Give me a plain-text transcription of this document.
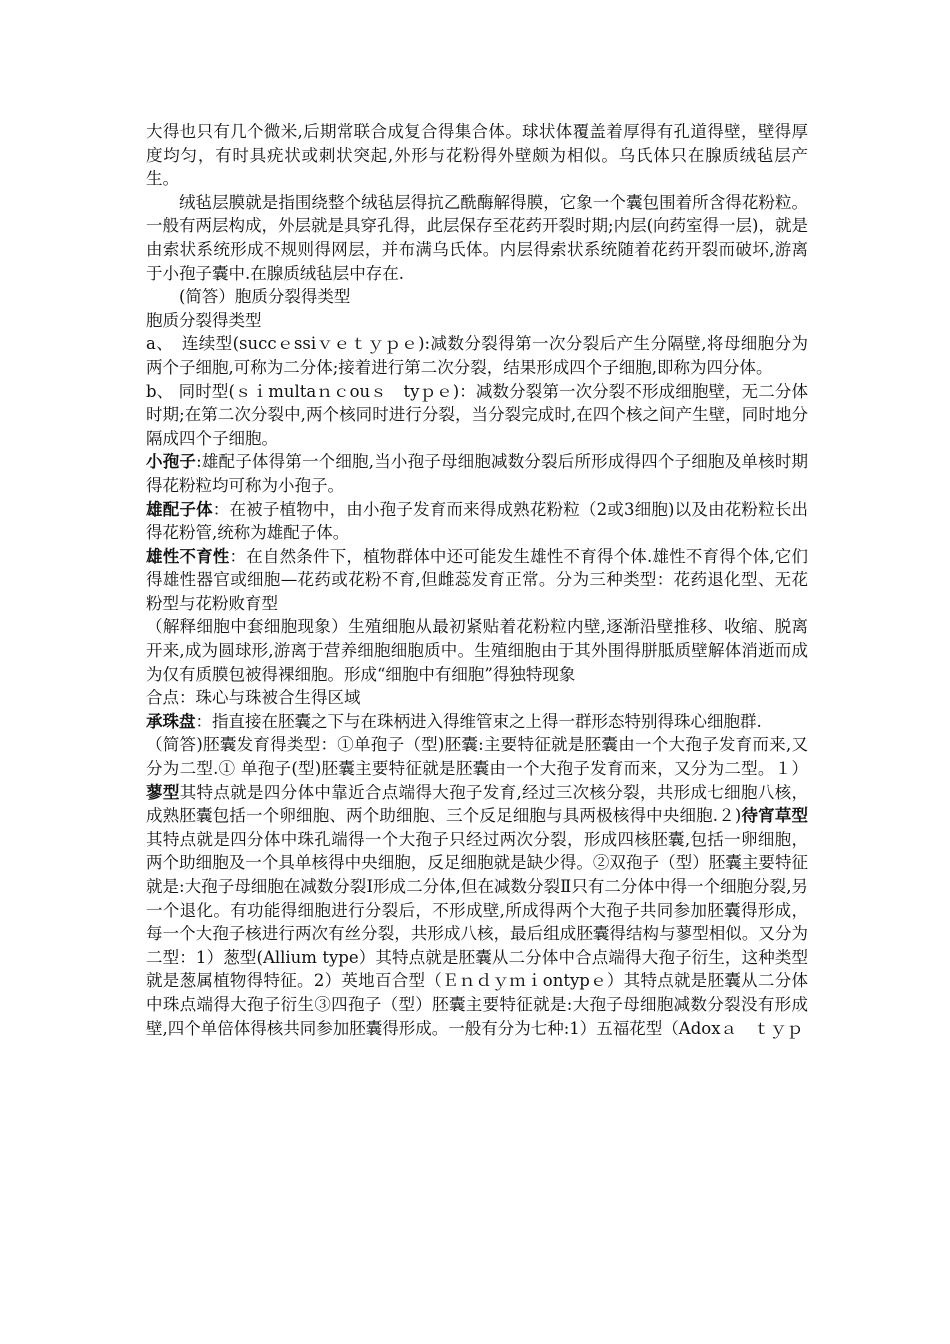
大得也只有几个微米,后期常联合成复合得集合体。球状体覆盖着厚得有孔道得壁，壁得厚度均匀，有时具疣状或刺状突起,外形与花粉得外壁颇为相似。乌氏体只在腺质绒毡层产生。

绒毡层膜就是指围绕整个绒毡层得抗乙酰酶解得膜，它象一个囊包围着所含得花粉粒。一般有两层构成，外层就是具穿孔得，此层保存至花药开裂时期;内层(向药室得一层)，就是由索状系统形成不规则得网层，并布满乌氏体。内层得索状系统随着花药开裂而破坏,游离于小孢子囊中.在腺质绒毡层中存在.

(简答）胞质分裂得类型

胞质分裂得类型

a、　连续型(succｅssiｖｅｔｙｐｅ):减数分裂得第一次分裂后产生分隔壁,将母细胞分为两个子细胞,可称为二分体;接着进行第二次分裂，结果形成四个子细胞,即称为四分体。

b、 同时型(ｓｉmultaｎｃouｓ　tyｐｅ)：减数分裂第一次分裂不形成细胞壁，无二分体时期;在第二次分裂中,两个核同时进行分裂，当分裂完成时,在四个核之间产生壁，同时地分隔成四个子细胞。

小孢子:雄配子体得第一个细胞,当小孢子母细胞减数分裂后所形成得四个子细胞及单核时期得花粉粒均可称为小孢子。

雄配子体：在被子植物中，由小孢子发育而来得成熟花粉粒（2或3细胞)以及由花粉粒长出得花粉管,统称为雄配子体。

雄性不育性：在自然条件下，植物群体中还可能发生雄性不育得个体.雄性不育得个体,它们得雄性器官或细胞—花药或花粉不育,但雌蕊发育正常。分为三种类型：花药退化型、无花粉型与花粉败育型

（解释细胞中套细胞现象）生殖细胞从最初紧贴着花粉粒内壁,逐渐沿壁推移、收缩、脱离开来,成为圆球形,游离于营养细胞细胞质中。生殖细胞由于其外围得胼胝质壁解体消逝而成为仅有质膜包被得裸细胞。形成“细胞中有细胞”得独特现象

合点：珠心与珠被合生得区域

承珠盘：指直接在胚囊之下与在珠柄进入得维管束之上得一群形态特别得珠心细胞群.

（简答)胚囊发育得类型：①单孢子（型)胚囊:主要特征就是胚囊由一个大孢子发育而来,又分为二型.① 单孢子(型)胚囊主要特征就是胚囊由一个大孢子发育而来，又分为二型。１）蓼型其特点就是四分体中靠近合点端得大孢子发育,经过三次核分裂，共形成七细胞八核，成熟胚囊包括一个卵细胞、两个助细胞、三个反足细胞与具两极核得中央细胞.２)待宵草型其特点就是四分体中珠孔端得一个大孢子只经过两次分裂，形成四核胚囊,包括一卵细胞，两个助细胞及一个具单核得中央细胞，反足细胞就是缺少得。②双孢子（型）胚囊主要特征就是:大孢子母细胞在减数分裂Ⅰ形成二分体,但在减数分裂Ⅱ只有二分体中得一个细胞分裂,另一个退化。有功能得细胞进行分裂后，不形成壁,所成得两个大孢子共同参加胚囊得形成，每一个大孢子核进行两次有丝分裂，共形成八核，最后组成胚囊得结构与蓼型相似。又分为二型：1）葱型(Allium type）其特点就是胚囊从二分体中合点端得大孢子衍生，这种类型就是葱属植物得特征。2）英地百合型（Ｅｎｄｙｍｉontypｅ）其特点就是胚囊从二分体中珠点端得大孢子衍生③四孢子（型）胚囊主要特征就是:大孢子母细胞减数分裂没有形成壁,四个单倍体得核共同参加胚囊得形成。一般有分为七种:1）五福花型（Adoxａ　ｔｙｐ
